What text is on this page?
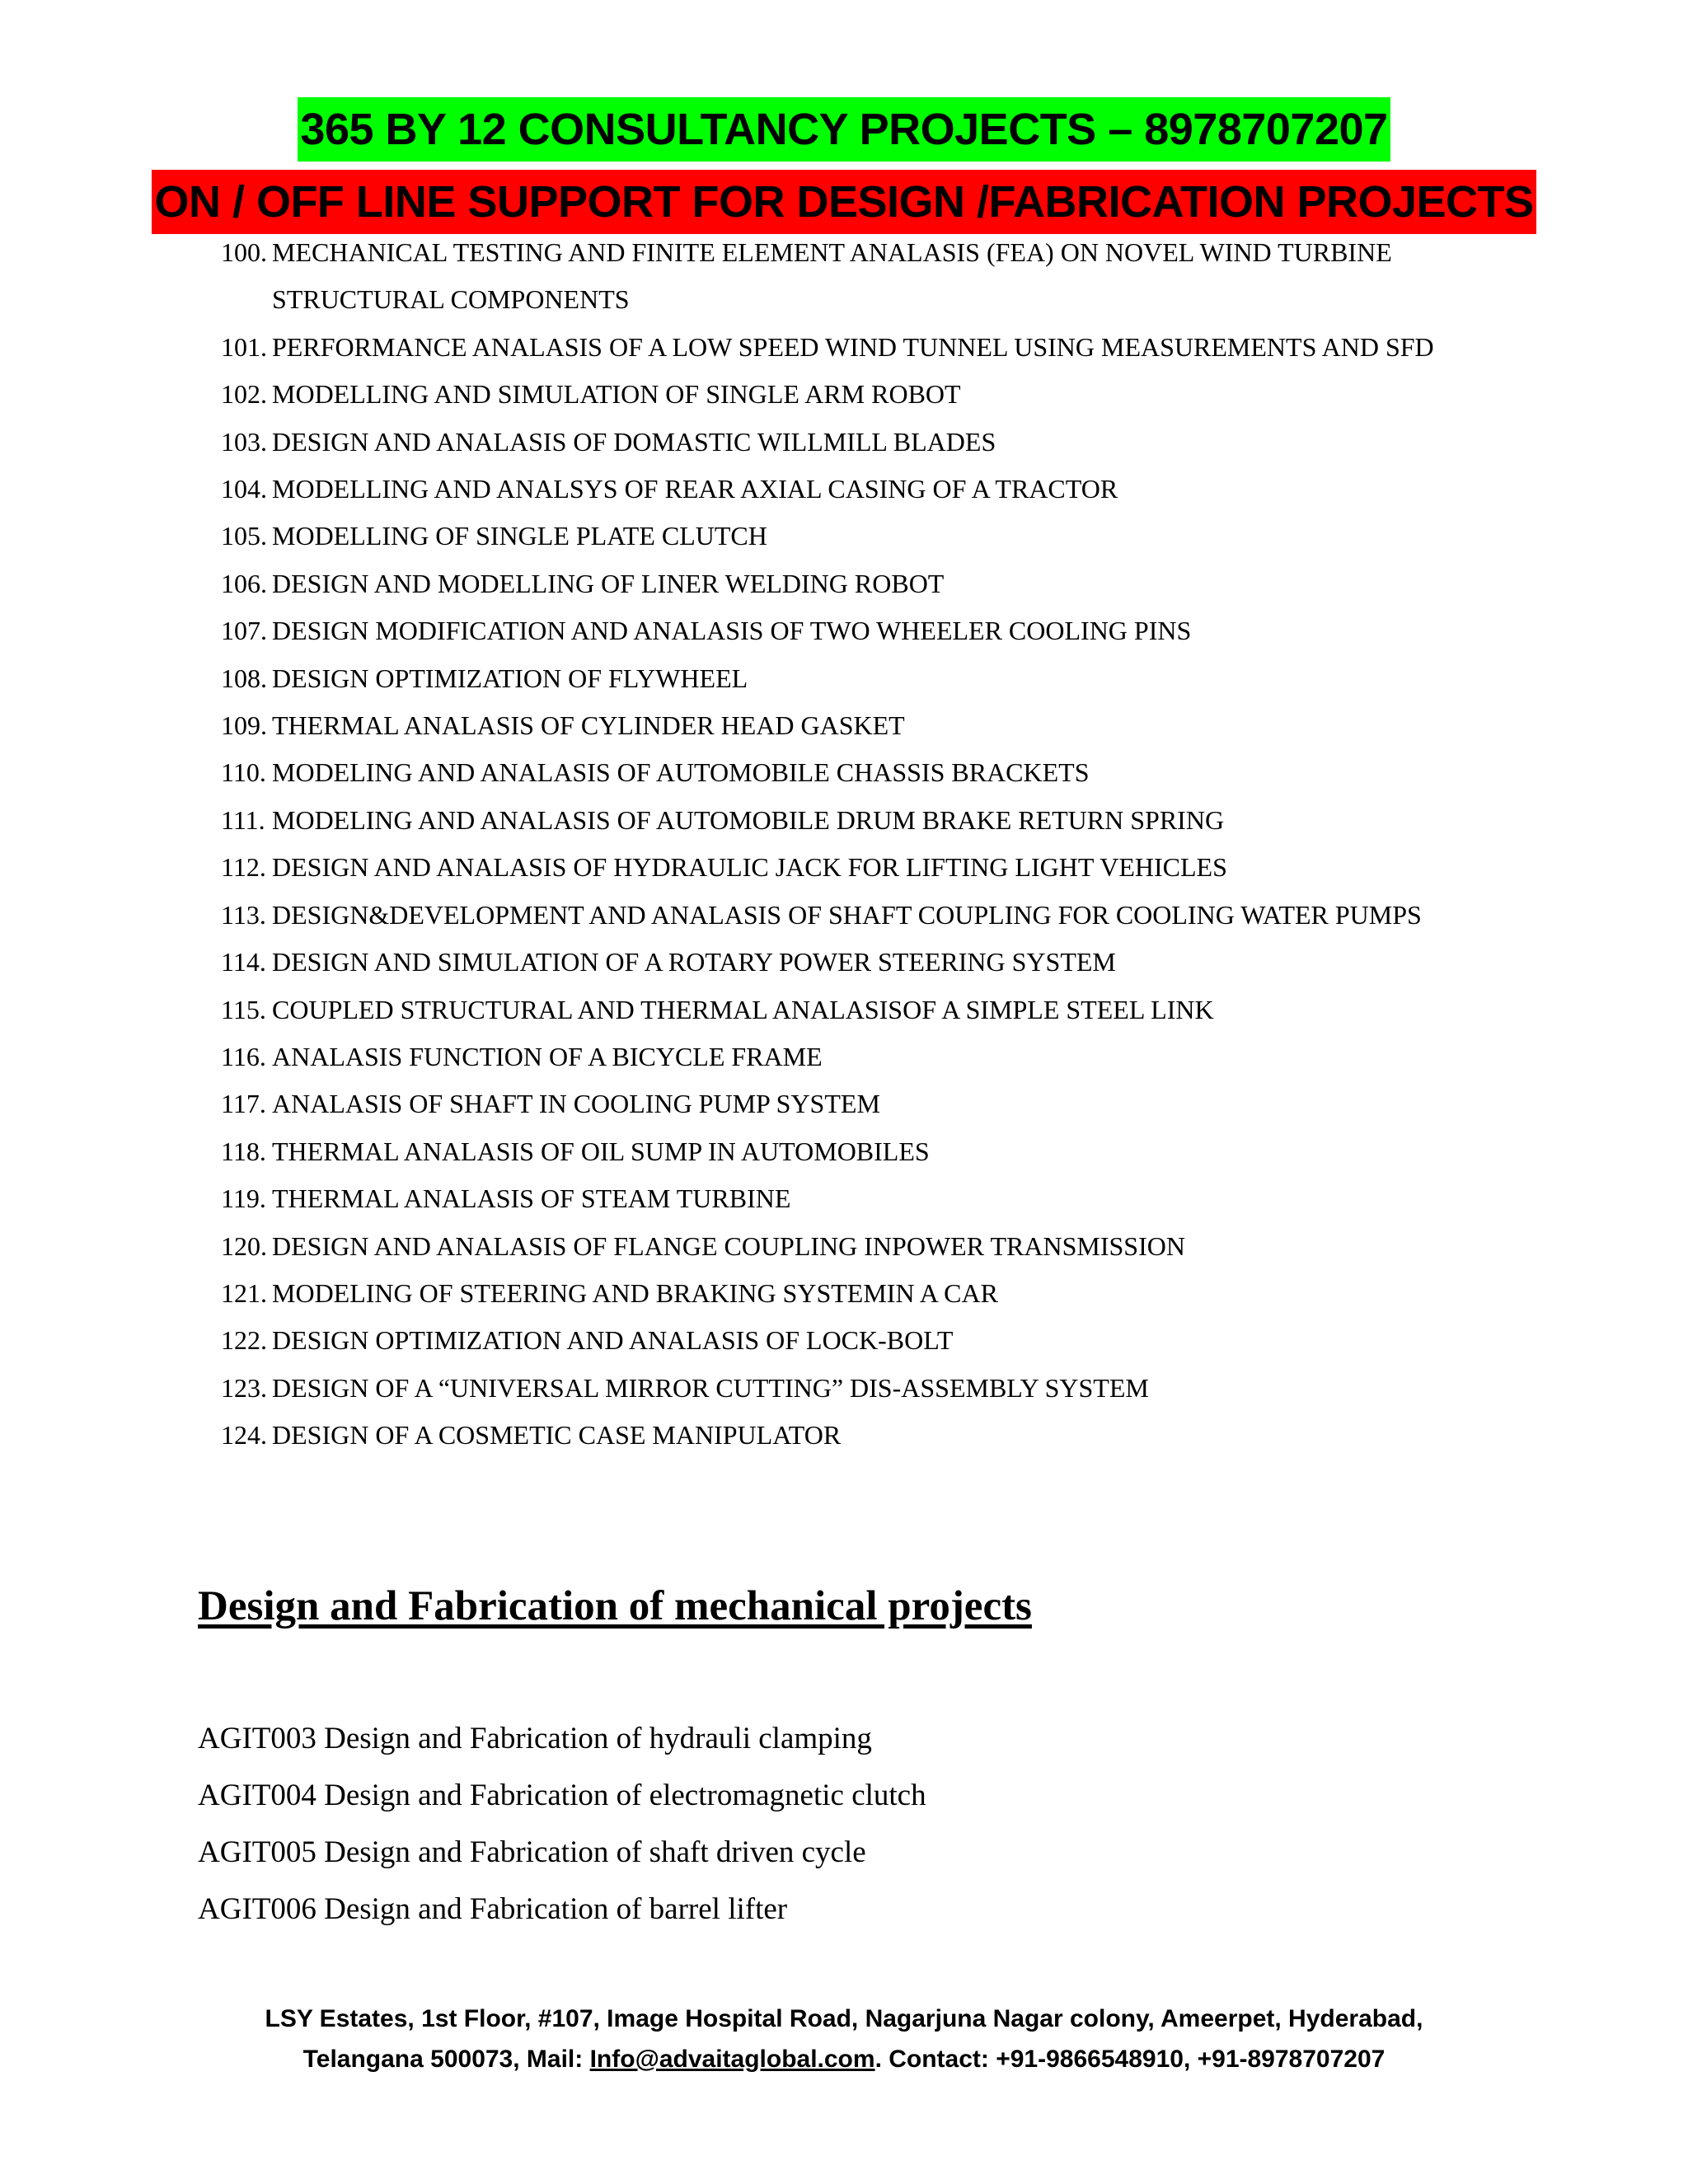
365 BY 12 CONSULTANCY PROJECTS – 8978707207
ON / OFF LINE SUPPORT FOR DESIGN /FABRICATION PROJECTS
100. MECHANICAL TESTING AND FINITE ELEMENT ANALASIS (FEA) ON NOVEL WIND TURBINE STRUCTURAL COMPONENTS
101. PERFORMANCE ANALASIS OF A LOW SPEED WIND TUNNEL USING MEASUREMENTS AND SFD
102. MODELLING AND SIMULATION OF SINGLE ARM ROBOT
103. DESIGN AND ANALASIS OF DOMASTIC WILLMILL BLADES
104. MODELLING AND ANALSYS OF REAR AXIAL CASING OF A TRACTOR
105. MODELLING OF SINGLE PLATE CLUTCH
106. DESIGN AND MODELLING OF LINER WELDING ROBOT
107. DESIGN MODIFICATION AND ANALASIS OF TWO WHEELER COOLING PINS
108. DESIGN OPTIMIZATION OF FLYWHEEL
109. THERMAL ANALASIS OF CYLINDER HEAD GASKET
110. MODELING AND ANALASIS OF AUTOMOBILE CHASSIS BRACKETS
111. MODELING AND ANALASIS OF AUTOMOBILE DRUM BRAKE RETURN SPRING
112. DESIGN AND ANALASIS OF HYDRAULIC JACK FOR LIFTING LIGHT VEHICLES
113. DESIGN&DEVELOPMENT AND ANALASIS OF SHAFT COUPLING FOR COOLING WATER PUMPS
114. DESIGN AND SIMULATION OF A ROTARY POWER STEERING SYSTEM
115. COUPLED STRUCTURAL AND THERMAL ANALASISOF A SIMPLE STEEL LINK
116. ANALASIS FUNCTION OF A BICYCLE FRAME
117. ANALASIS OF SHAFT IN COOLING PUMP SYSTEM
118. THERMAL ANALASIS OF OIL SUMP IN AUTOMOBILES
119. THERMAL ANALASIS OF STEAM TURBINE
120. DESIGN AND ANALASIS OF FLANGE COUPLING INPOWER TRANSMISSION
121. MODELING OF STEERING AND BRAKING SYSTEMIN A CAR
122. DESIGN OPTIMIZATION AND ANALASIS OF LOCK-BOLT
123. DESIGN OF A “UNIVERSAL MIRROR CUTTING” DIS-ASSEMBLY SYSTEM
124. DESIGN OF A COSMETIC CASE MANIPULATOR
Design and Fabrication of mechanical projects
AGIT003 Design and Fabrication of hydrauli clamping
AGIT004 Design and Fabrication of electromagnetic clutch
AGIT005 Design and Fabrication of shaft driven cycle
AGIT006 Design and Fabrication of barrel lifter
LSY Estates, 1st Floor, #107, Image Hospital Road, Nagarjuna Nagar colony, Ameerpet, Hyderabad,
Telangana 500073, Mail: Info@advaitaglobal.com. Contact: +91-9866548910, +91-8978707207
